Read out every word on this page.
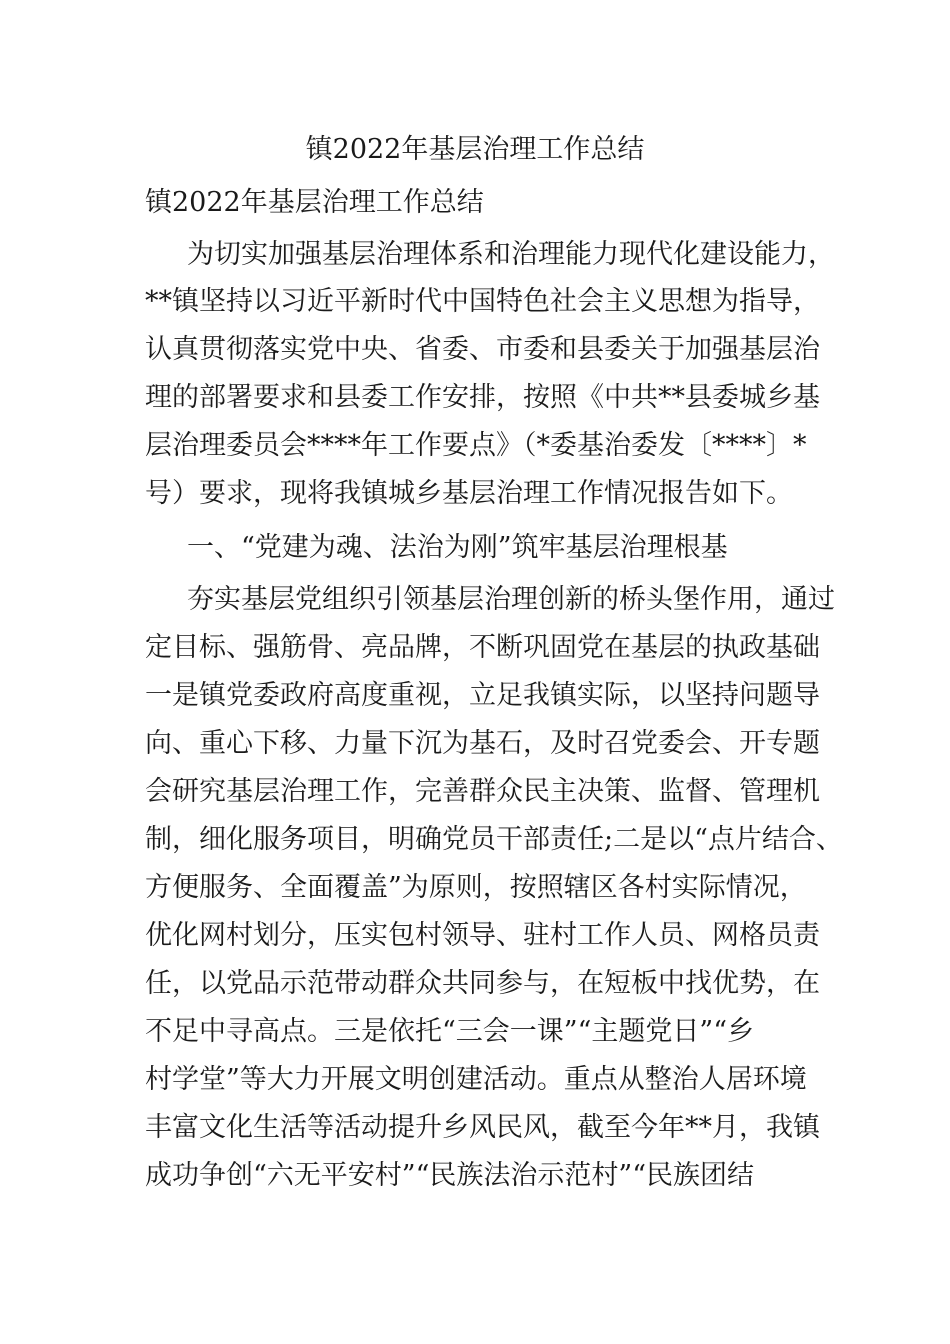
镇2022年基层治理工作总结
镇2022年基层治理工作总结
为切实加强基层治理体系和治理能力现代化建设能力，
**镇坚持以习近平新时代中国特色社会主义思想为指导，
认真贯彻落实党中央、省委、市委和县委关于加强基层治
理的部署要求和县委工作安排，按照《中共**县委城乡基
层治理委员会****年工作要点》（*委基治委发〔****〕*
号）要求，现将我镇城乡基层治理工作情况报告如下。
一、“党建为魂、法治为刚”筑牢基层治理根基
夯实基层党组织引领基层治理创新的桥头堡作用，通过
定目标、强筋骨、亮品牌，不断巩固党在基层的执政基础
一是镇党委政府高度重视，立足我镇实际，以坚持问题导
向、重心下移、力量下沉为基石，及时召党委会、开专题
会研究基层治理工作，完善群众民主决策、监督、管理机
制，细化服务项目，明确党员干部责任;二是以“点片结合、
方便服务、全面覆盖”为原则，按照辖区各村实际情况，
优化网村划分，压实包村领导、驻村工作人员、网格员责
任，以党品示范带动群众共同参与，在短板中找优势，在
不足中寻高点。三是依托“三会一课”“主题党日”“乡
村学堂”等大力开展文明创建活动。重点从整治人居环境
丰富文化生活等活动提升乡风民风，截至今年**月，我镇
成功争创“六无平安村”“民族法治示范村”“民族团结
